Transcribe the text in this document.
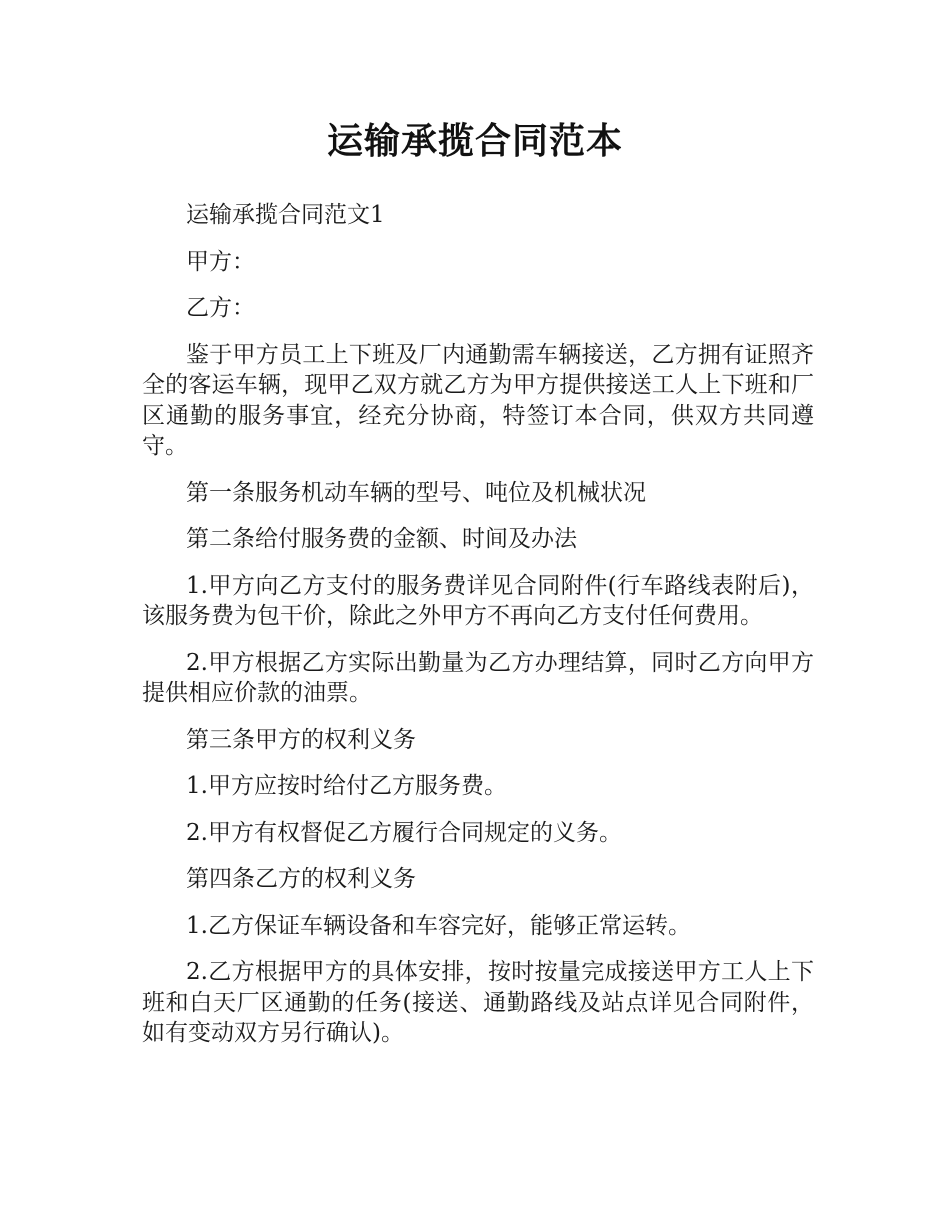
运输承揽合同范本

运输承揽合同范文1

甲方：

乙方：

鉴于甲方员工上下班及厂内通勤需车辆接送，乙方拥有证照齐全的客运车辆，现甲乙双方就乙方为甲方提供接送工人上下班和厂区通勤的服务事宜，经充分协商，特签订本合同，供双方共同遵守。

第一条服务机动车辆的型号、吨位及机械状况

第二条给付服务费的金额、时间及办法

1.甲方向乙方支付的服务费详见合同附件(行车路线表附后)，该服务费为包干价，除此之外甲方不再向乙方支付任何费用。

2.甲方根据乙方实际出勤量为乙方办理结算，同时乙方向甲方提供相应价款的油票。

第三条甲方的权利义务

1.甲方应按时给付乙方服务费。

2.甲方有权督促乙方履行合同规定的义务。

第四条乙方的权利义务

1.乙方保证车辆设备和车容完好，能够正常运转。

2.乙方根据甲方的具体安排，按时按量完成接送甲方工人上下班和白天厂区通勤的任务(接送、通勤路线及站点详见合同附件，如有变动双方另行确认)。
